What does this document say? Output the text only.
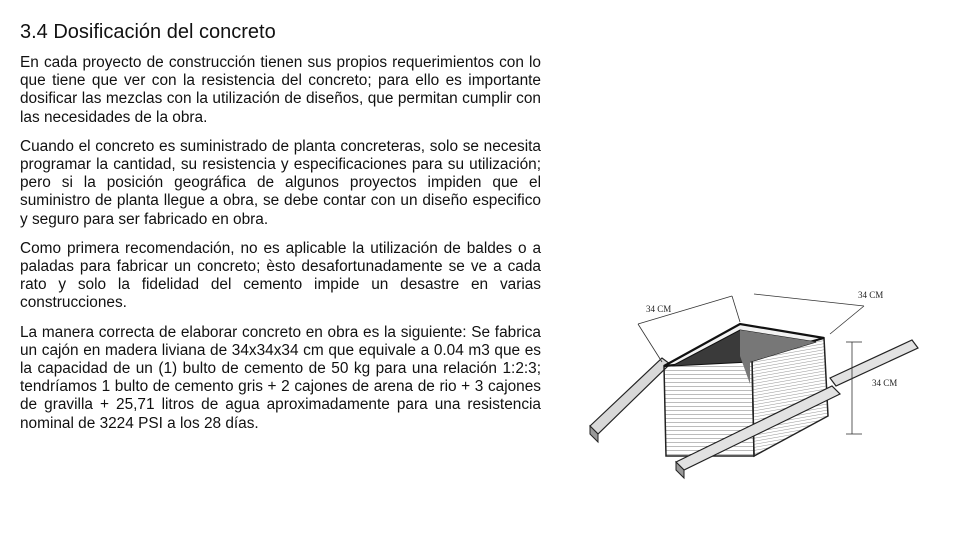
3.4 Dosificación del concreto

En cada proyecto de construcción tienen sus propios requerimientos con lo que tiene que ver con la resistencia del concreto; para ello es importante dosificar las mezclas con la utilización de diseños, que permitan cumplir con las necesidades de la obra.

Cuando el concreto es suministrado de planta concreteras, solo se necesita programar la cantidad, su resistencia y especificaciones para su utilización; pero si la posición geográfica de algunos proyectos impiden que el suministro de planta llegue a obra, se debe contar con un diseño especifico y seguro para ser fabricado en obra.

Como primera recomendación, no es aplicable la utilización de baldes o a paladas para fabricar un concreto; èsto desafortunadamente se ve a cada rato y solo la fidelidad del cemento impide un desastre en varias construcciones.

La manera correcta de elaborar concreto en obra es la siguiente: Se fabrica un cajón en madera liviana de 34x34x34 cm que equivale a 0.04 m3 que es la capacidad de un (1) bulto de cemento de 50 kg para una relación 1:2:3; tendríamos 1 bulto de cemento gris + 2 cajones de arena de rio + 3 cajones de gravilla + 25,71 litros de agua aproximadamente para una resistencia nominal de 3224 PSI a los 28 días.

34 CM
34 CM
34 CM
